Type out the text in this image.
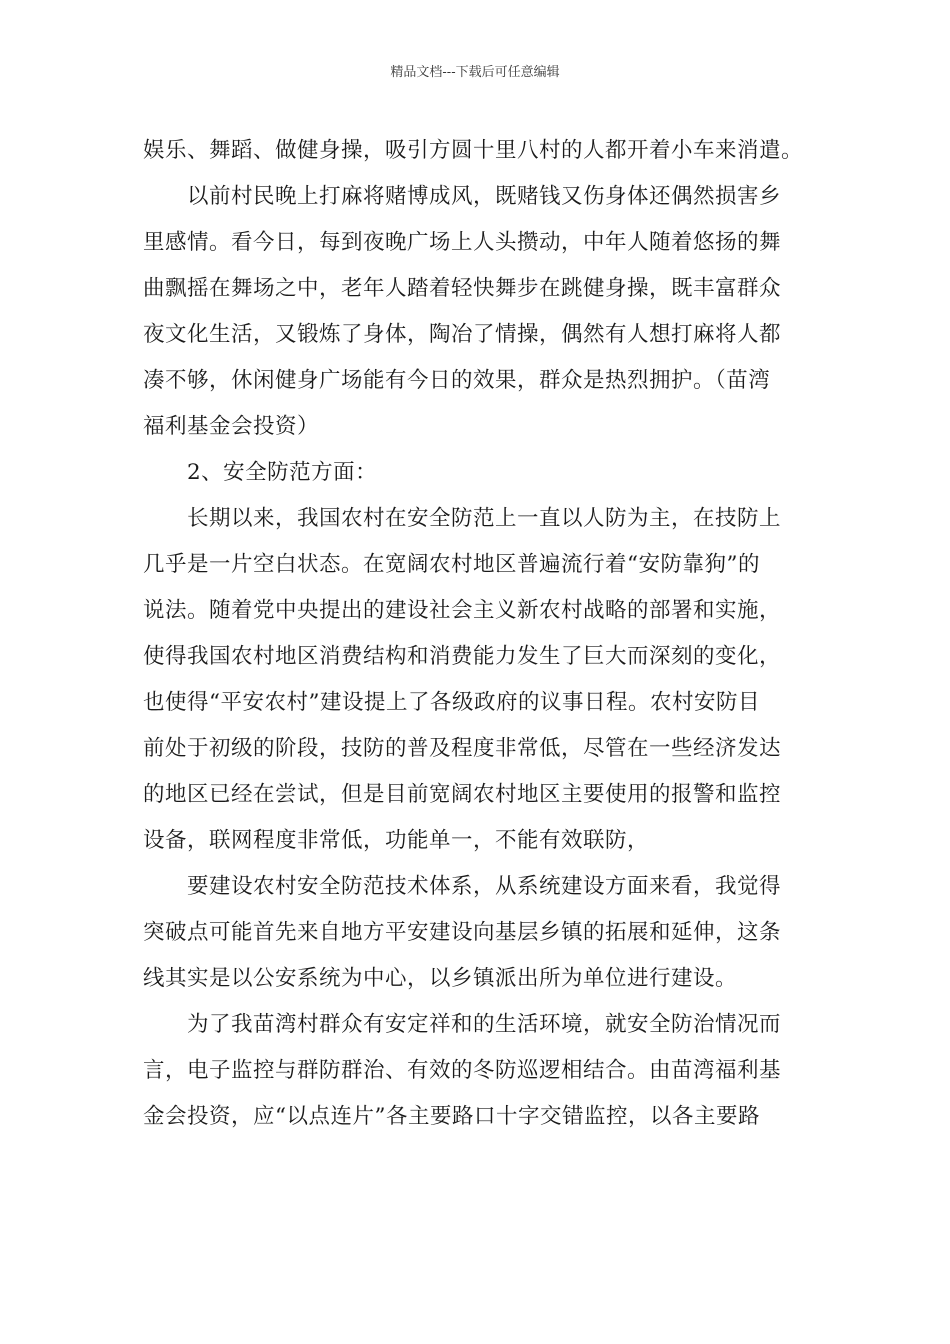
精品文档---下载后可任意编辑

娱乐、舞蹈、做健身操，吸引方圆十里八村的人都开着小车来消遣。

以前村民晚上打麻将赌博成风，既赌钱又伤身体还偶然损害乡
里感情。看今日，每到夜晚广场上人头攒动，中年人随着悠扬的舞
曲飘摇在舞场之中，老年人踏着轻快舞步在跳健身操，既丰富群众
夜文化生活，又锻炼了身体，陶冶了情操，偶然有人想打麻将人都
凑不够，休闲健身广场能有今日的效果，群众是热烈拥护。（苗湾
福利基金会投资）

2、安全防范方面：

长期以来，我国农村在安全防范上一直以人防为主，在技防上
几乎是一片空白状态。在宽阔农村地区普遍流行着“安防靠狗”的
说法。随着党中央提出的建设社会主义新农村战略的部署和实施，
使得我国农村地区消费结构和消费能力发生了巨大而深刻的变化，
也使得“平安农村”建设提上了各级政府的议事日程。农村安防目
前处于初级的阶段，技防的普及程度非常低，尽管在一些经济发达
的地区已经在尝试，但是目前宽阔农村地区主要使用的报警和监控
设备，联网程度非常低，功能单一，不能有效联防，

要建设农村安全防范技术体系，从系统建设方面来看，我觉得
突破点可能首先来自地方平安建设向基层乡镇的拓展和延伸，这条
线其实是以公安系统为中心，以乡镇派出所为单位进行建设。

为了我苗湾村群众有安定祥和的生活环境，就安全防治情况而
言，电子监控与群防群治、有效的冬防巡逻相结合。由苗湾福利基
金会投资，应“以点连片”各主要路口十字交错监控，以各主要路
